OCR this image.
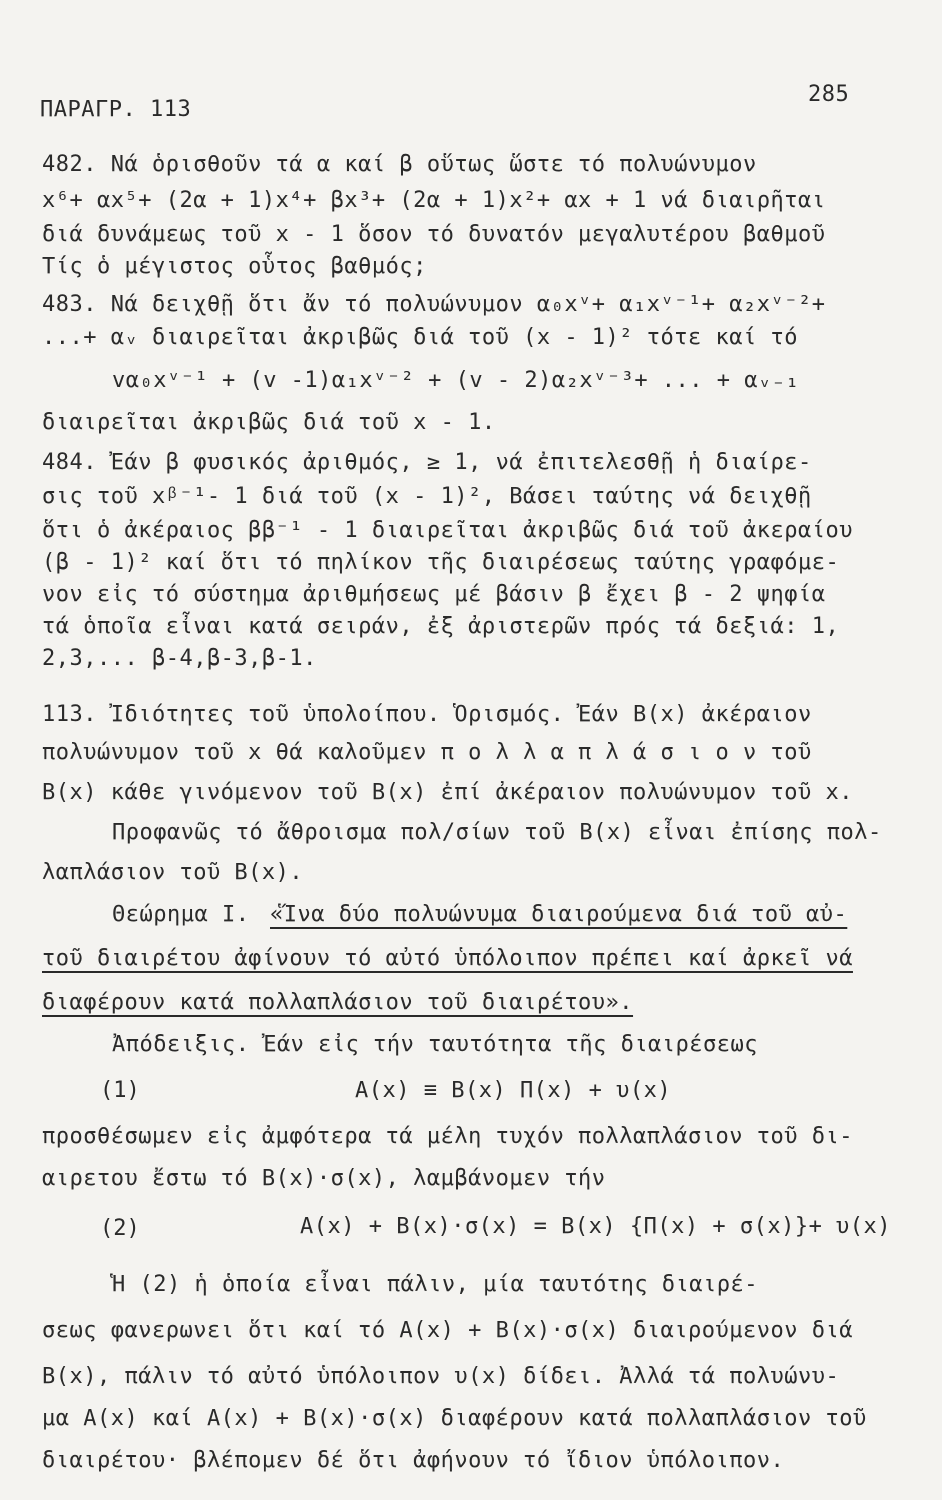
ΠΑΡΑΓΡ. 113
285
482. Νά ὁρισθοῦν τά α καί β οὕτως ὥστε τό πολυώνυμον
x⁶+ αx⁵+ (2α + 1)x⁴+ βx³+ (2α + 1)x²+ αx + 1 νά διαιρῆται
διά δυνάμεως τοῦ x - 1 ὅσον τό δυνατόν μεγαλυτέρου βαθμοῦ
Τίς ὁ μέγιστος οὗτος βαθμός;
483. Νά δειχθῇ ὅτι ἄν τό πολυώνυμον α₀xᵛ+ α₁xᵛ⁻¹+ α₂xᵛ⁻²+
...+ αᵥ διαιρεῖται ἀκριβῶς διά τοῦ (x - 1)² τότε καί τό
vα₀xᵛ⁻¹ + (v -1)α₁xᵛ⁻² + (v - 2)α₂xᵛ⁻³+ ... + αᵥ₋₁
διαιρεῖται ἀκριβῶς διά τοῦ x - 1.
484. Ἐάν β φυσικός ἀριθμός, ≥ 1, νά ἐπιτελεσθῇ ἡ διαίρε-
σις τοῦ xᵝ⁻¹- 1 διά τοῦ (x - 1)², Βάσει ταύτης νά δειχθῇ
ὅτι ὁ ἀκέραιος ββ⁻¹ - 1 διαιρεῖται ἀκριβῶς διά τοῦ ἀκεραίου
(β - 1)² καί ὅτι τό πηλίκον τῆς διαιρέσεως ταύτης γραφόμε-
νον εἰς τό σύστημα ἀριθμήσεως μέ βάσιν β ἔχει β - 2 ψηφία
τά ὁποῖα εἶναι κατά σειράν, ἐξ ἀριστερῶν πρός τά δεξιά: 1,
2,3,... β-4,β-3,β-1.
113. Ἰδιότητες τοῦ ὑπολοίπου. Ὁρισμός. Ἐάν Β(x) ἀκέραιον
πολυώνυμον τοῦ x θά καλοῦμεν π ο λ λ α π λ ά σ ι ο ν τοῦ
Β(x) κάθε γινόμενον τοῦ Β(x) ἐπί ἀκέραιον πολυώνυμον τοῦ x.
Προφανῶς τό ἄθροισμα πολ/σίων τοῦ Β(x) εἶναι ἐπίσης πολ-
λαπλάσιον τοῦ Β(x).
Θεώρημα Ι. «Ἵνα δύο πολυώνυμα διαιρούμενα διά τοῦ αὐ-
τοῦ διαιρέτου ἀφίνουν τό αὐτό ὑπόλοιπον πρέπει καί ἀρκεῖ νά
διαφέρουν κατά πολλαπλάσιον τοῦ διαιρέτου».
Ἀπόδειξις. Ἐάν εἰς τήν ταυτότητα τῆς διαιρέσεως
(1)	Α(x) ≡ Β(x) Π(x) + υ(x)
προσθέσωμεν εἰς ἀμφότερα τά μέλη τυχόν πολλαπλάσιον τοῦ δι-
αιρετου ἔστω τό Β(x)·σ(x), λαμβάνομεν τήν
(2)	Α(x) + Β(x)·σ(x) = Β(x) {Π(x) + σ(x)}+ υ(x)
Ἡ (2) ἡ ὁποία εἶναι πάλιν, μία ταυτότης διαιρέ-
σεως φανερωνει ὅτι καί τό Α(x) + Β(x)·σ(x) διαιρούμενον διά
Β(x), πάλιν τό αὐτό ὑπόλοιπον υ(x) δίδει. Ἀλλά τά πολυώνυ-
μα Α(x) καί Α(x) + Β(x)·σ(x) διαφέρουν κατά πολλαπλάσιον τοῦ
διαιρέτου· βλέπομεν δέ ὅτι ἀφήνουν τό ἴδιον ὑπόλοιπον.
